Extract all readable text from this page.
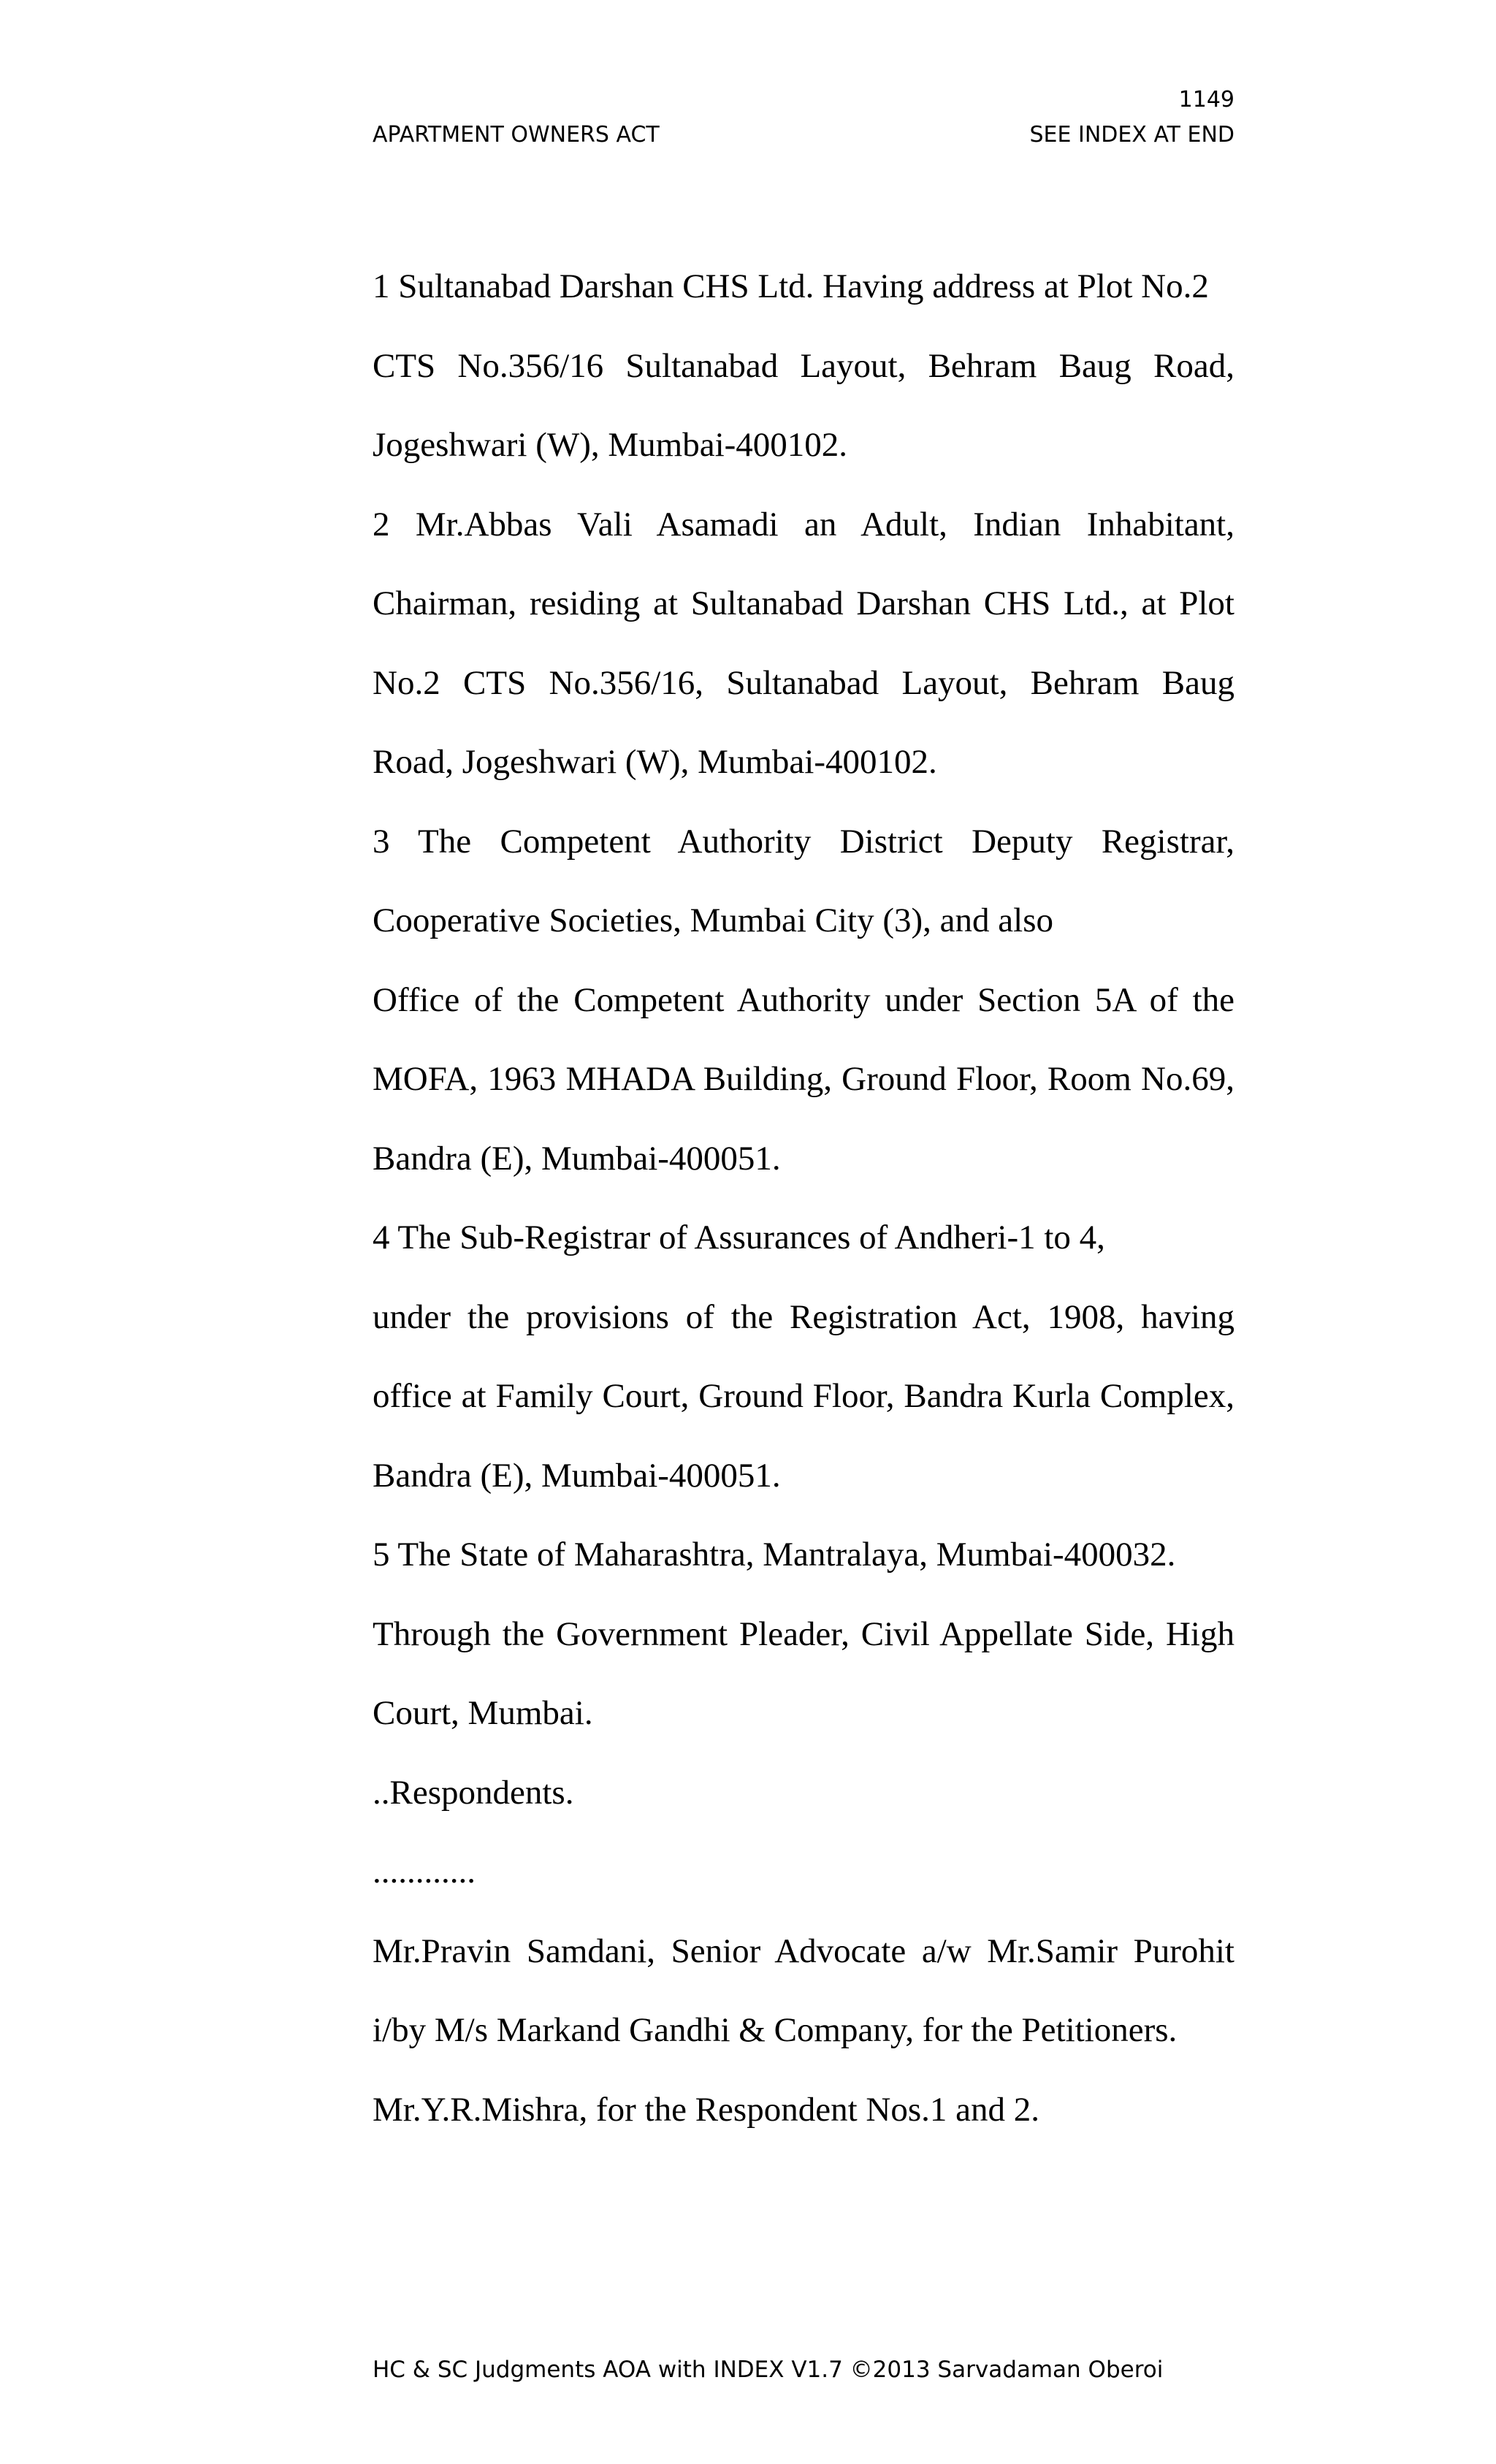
1149
APARTMENT OWNERS ACT	SEE INDEX AT END
1 Sultanabad Darshan CHS Ltd. Having address at Plot No.2
CTS No.356/16 Sultanabad Layout, Behram Baug Road,
Jogeshwari (W), Mumbai-400102.
2 Mr.Abbas Vali Asamadi an Adult, Indian Inhabitant,
Chairman, residing at Sultanabad Darshan CHS Ltd., at Plot
No.2 CTS No.356/16, Sultanabad Layout, Behram Baug
Road, Jogeshwari (W), Mumbai-400102.
3 The Competent Authority District Deputy Registrar,
Cooperative Societies, Mumbai City (3), and also
Office of the Competent Authority under Section 5A of the
MOFA, 1963 MHADA Building, Ground Floor, Room No.69,
Bandra (E), Mumbai-400051.
4 The Sub-Registrar of Assurances of Andheri-1 to 4,
under the provisions of the Registration Act, 1908, having
office at Family Court, Ground Floor, Bandra Kurla Complex,
Bandra (E), Mumbai-400051.
5 The State of Maharashtra, Mantralaya, Mumbai-400032.
Through the Government Pleader, Civil Appellate Side, High
Court, Mumbai.
..Respondents.
............
Mr.Pravin Samdani, Senior Advocate a/w Mr.Samir Purohit
i/by M/s Markand Gandhi & Company, for the Petitioners.
Mr.Y.R.Mishra, for the Respondent Nos.1 and 2.
HC & SC Judgments AOA with INDEX V1.7 ©2013 Sarvadaman Oberoi
